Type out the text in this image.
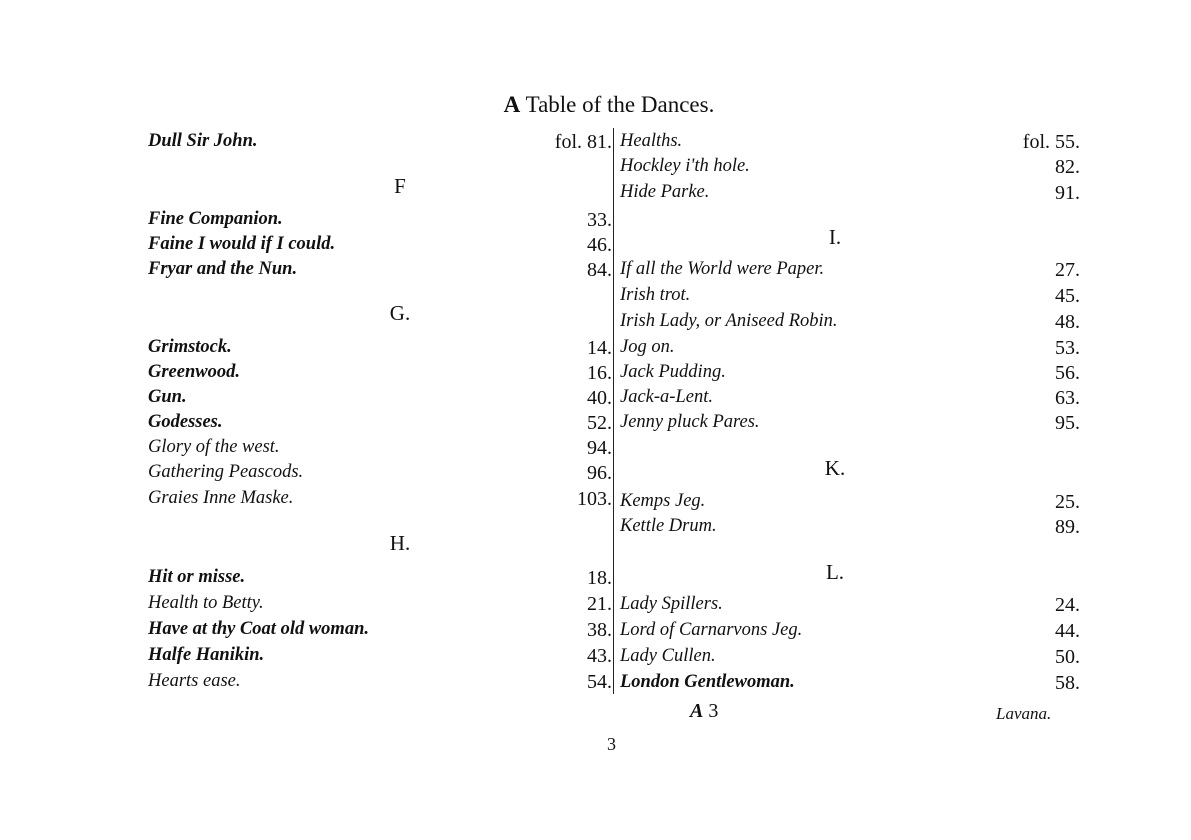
A Table of the Dances.
Dull Sir John.	fol. 81.
F
Fine Companion.	33.
Faine I would if I could.	46.
Fryar and the Nun.	84.
G.
Grimstock.	14.
Greenwood.	16.
Gun.	40.
Godesses.	52.
Glory of the west.	94.
Gathering Peascods.	96.
Graies Inne Maske.	103.
H.
Hit or misse.	18.
Health to Betty.	21.
Have at thy Coat old woman.	38.
Halfe Hanikin.	43.
Hearts ease.	54.
Healths.	fol. 55.
Hockley i'th hole.	82.
Hide Parke.	91.
I.
If all the World were Paper.	27.
Irish trot.	45.
Irish Lady, or Aniseed Robin.	48.
Jog on.	53.
Jack Pudding.	56.
Jack-a-Lent.	63.
Jenny pluck Pares.	95.
K.
Kemps Jeg.	25.
Kettle Drum.	89.
L.
Lady Spillers.	24.
Lord of Carnarvons Jeg.	44.
Lady Cullen.	50.
London Gentlewoman.	58.
A 3	Lavana.
3
